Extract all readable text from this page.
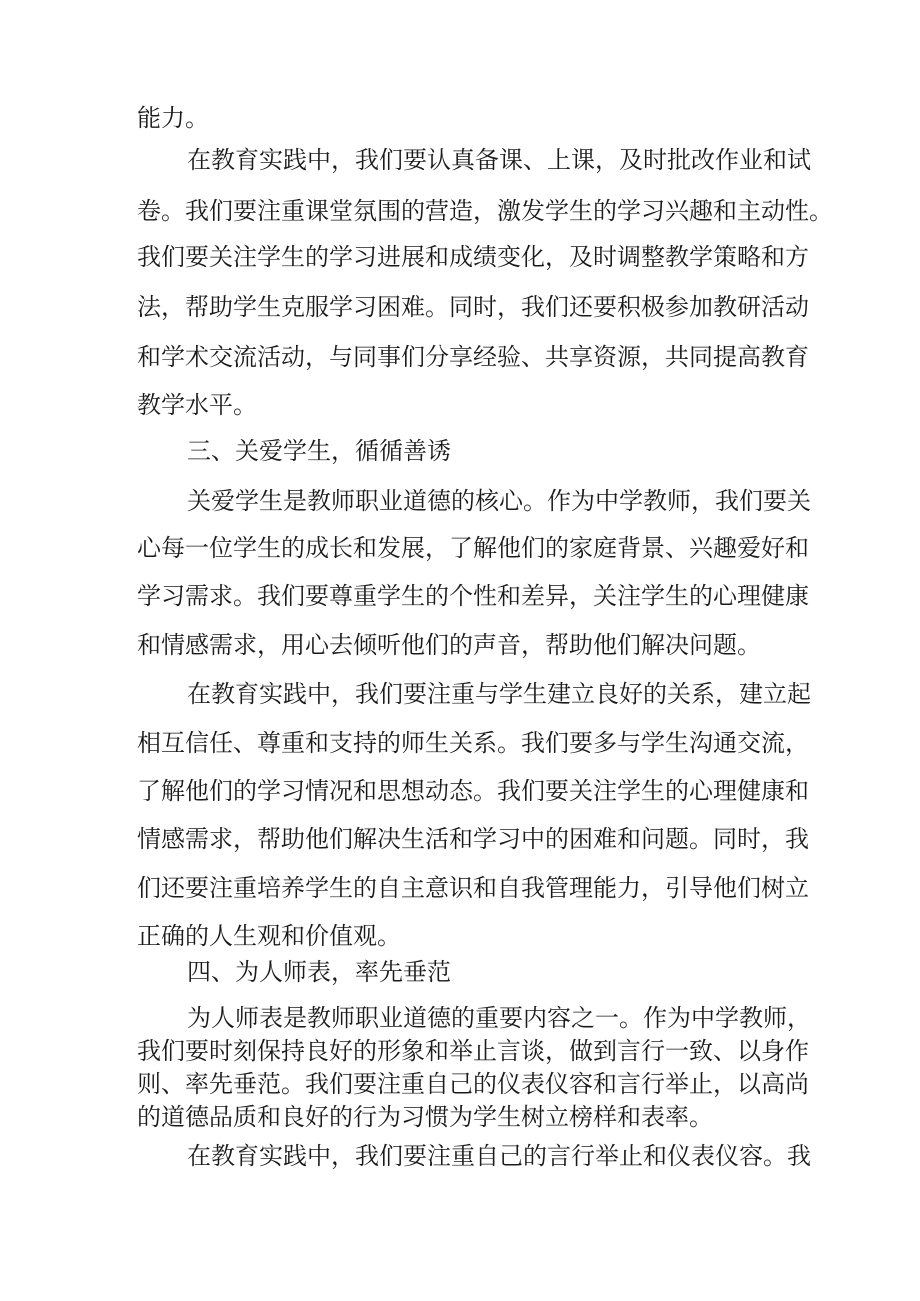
能力。

在教育实践中，我们要认真备课、上课，及时批改作业和试

卷。我们要注重课堂氛围的营造，激发学生的学习兴趣和主动性。

我们要关注学生的学习进展和成绩变化，及时调整教学策略和方

法，帮助学生克服学习困难。同时，我们还要积极参加教研活动

和学术交流活动，与同事们分享经验、共享资源，共同提高教育

教学水平。

三、关爱学生，循循善诱

关爱学生是教师职业道德的核心。作为中学教师，我们要关

心每一位学生的成长和发展，了解他们的家庭背景、兴趣爱好和

学习需求。我们要尊重学生的个性和差异，关注学生的心理健康

和情感需求，用心去倾听他们的声音，帮助他们解决问题。

在教育实践中，我们要注重与学生建立良好的关系，建立起

相互信任、尊重和支持的师生关系。我们要多与学生沟通交流，

了解他们的学习情况和思想动态。我们要关注学生的心理健康和

情感需求，帮助他们解决生活和学习中的困难和问题。同时，我

们还要注重培养学生的自主意识和自我管理能力，引导他们树立

正确的人生观和价值观。

四、为人师表，率先垂范

为人师表是教师职业道德的重要内容之一。作为中学教师，

我们要时刻保持良好的形象和举止言谈，做到言行一致、以身作

则、率先垂范。我们要注重自己的仪表仪容和言行举止，以高尚

的道德品质和良好的行为习惯为学生树立榜样和表率。

在教育实践中，我们要注重自己的言行举止和仪表仪容。我
